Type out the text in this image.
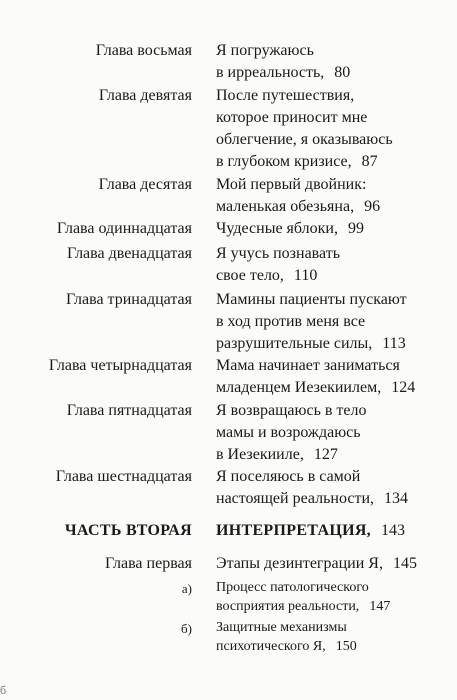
Глава восьмая Я погружаюсь
в ирреальность, 80
Глава девятая После путешествия,
которое приносит мне
облегчение, я оказываюсь
в глубоком кризисе, 87
Глава десятая Мой первый двойник:
маленькая обезьяна, 96
Глава одиннадцатая Чудесные яблоки, 99
Глава двенадцатая Я учусь познавать
свое тело, 110
Глава тринадцатая Мамины пациенты пускают
в ход против меня все
разрушительные силы, 113
Глава четырнадцатая Мама начинает заниматься
младенцем Иезекиилем, 124
Глава пятнадцатая Я возвращаюсь в тело
мамы и возрождаюсь
в Иезекииле, 127
Глава шестнадцатая Я поселяюсь в самой
настоящей реальности, 134
ЧАСТЬ ВТОРАЯ ИНТЕРПРЕТАЦИЯ, 143
Глава первая Этапы дезинтеграции Я, 145
а) Процесс патологического
восприятия реальности, 147
б) Защитные механизмы
психотического Я, 150
б
